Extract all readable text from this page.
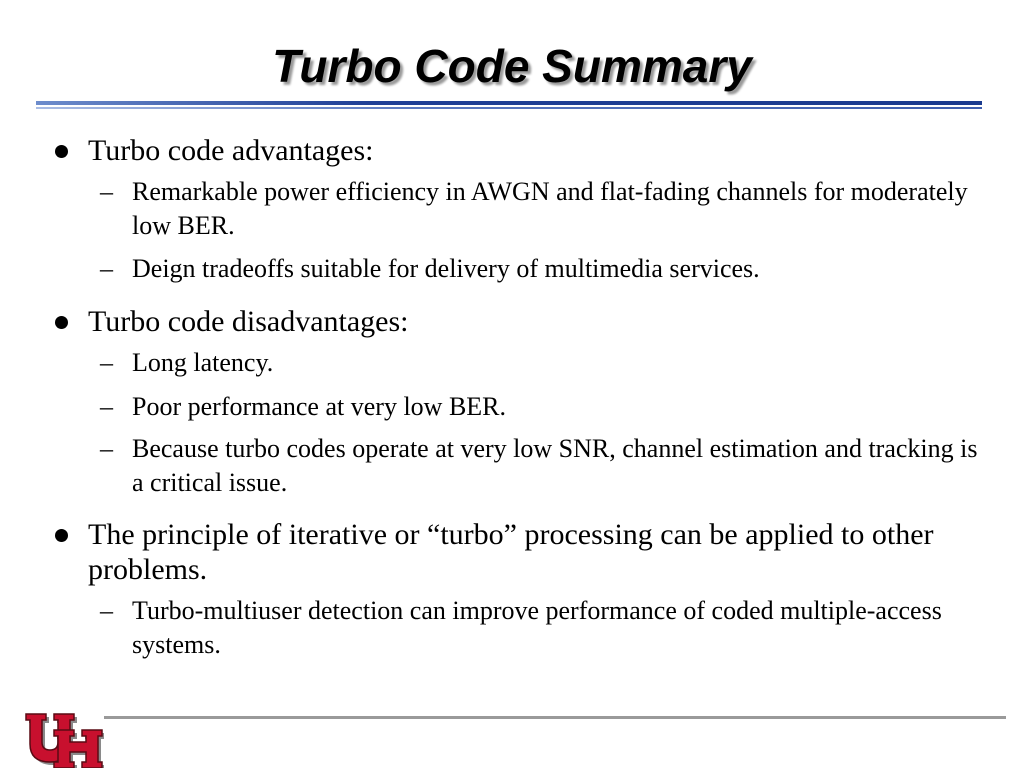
Turbo Code Summary
Turbo code advantages:
– Remarkable power efficiency in AWGN and flat-fading channels for moderately low BER.
– Deign tradeoffs suitable for delivery of multimedia services.
Turbo code disadvantages:
– Long latency.
– Poor performance at very low BER.
– Because turbo codes operate at very low SNR, channel estimation and tracking is a critical issue.
The principle of iterative or “turbo” processing can be applied to other problems.
– Turbo-multiuser detection can improve performance of coded multiple-access systems.
